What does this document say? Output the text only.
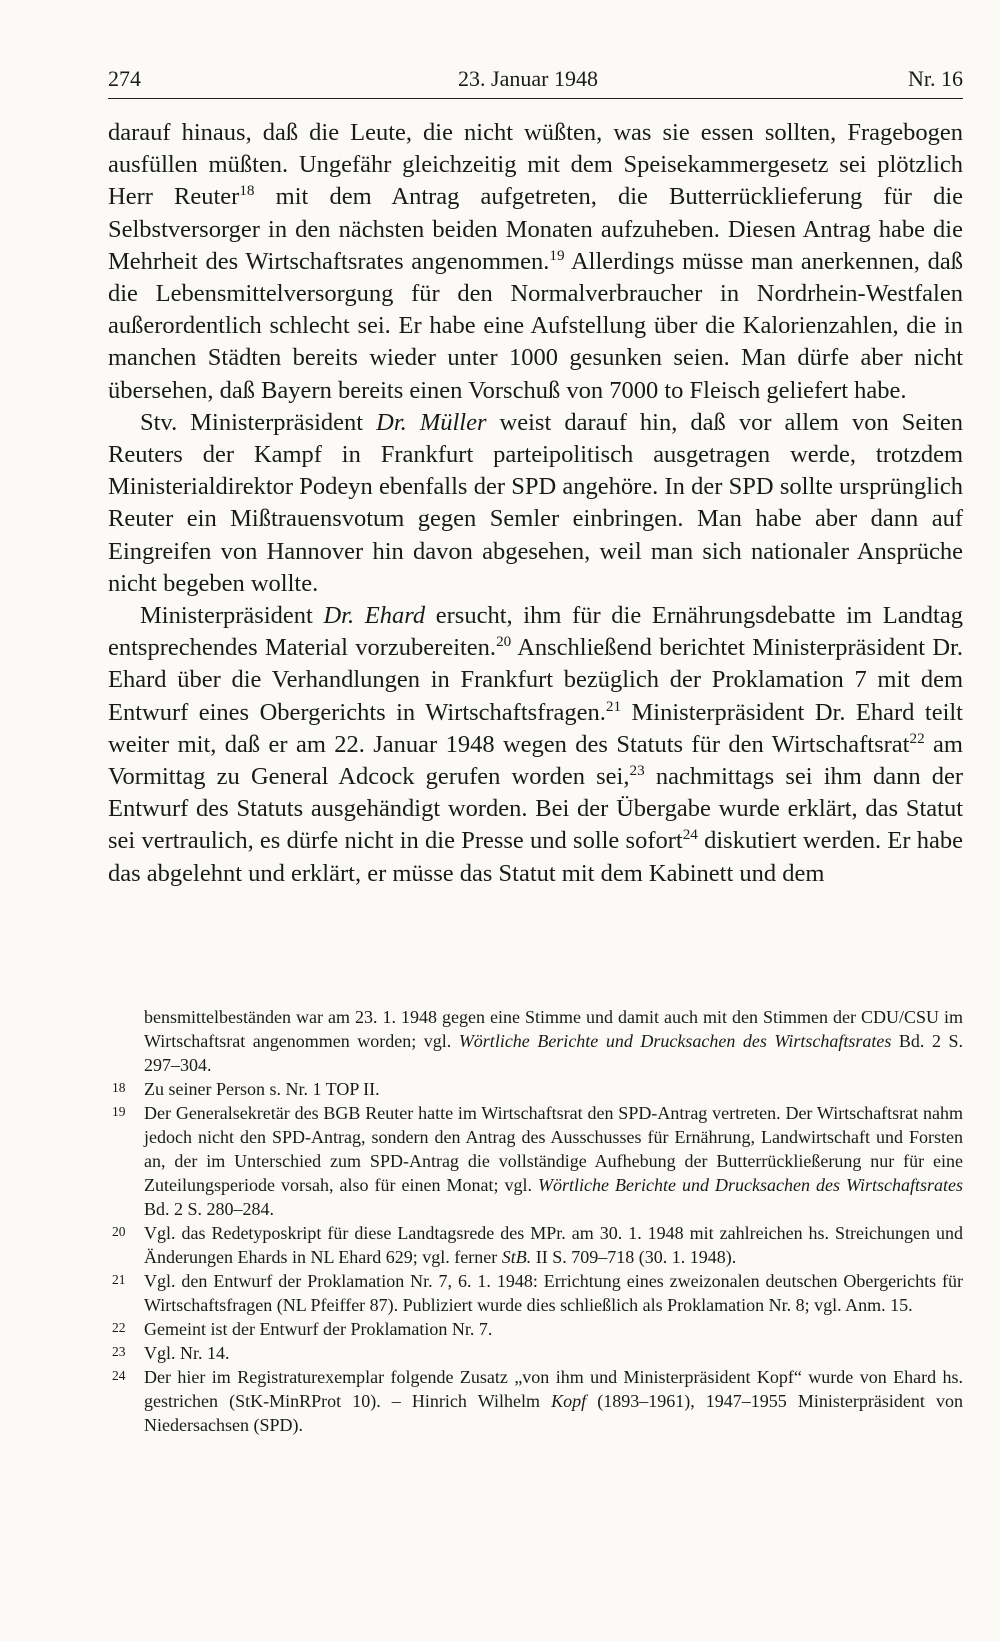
274	23. Januar 1948	Nr. 16

darauf hinaus, daß die Leute, die nicht wüßten, was sie essen sollten, Fragebogen ausfüllen müßten. Ungefähr gleichzeitig mit dem Speisekammergesetz sei plötzlich Herr Reuter$^{18}$ mit dem Antrag aufgetreten, die Butterrücklieferung für die Selbstversorger in den nächsten beiden Monaten aufzuheben. Diesen Antrag habe die Mehrheit des Wirtschaftsrates angenommen.$^{19}$ Allerdings müsse man anerkennen, daß die Lebensmittelversorgung für den Normalverbraucher in Nordrhein-Westfalen außerordentlich schlecht sei. Er habe eine Aufstellung über die Kalorienzahlen, die in manchen Städten bereits wieder unter 1000 gesunken seien. Man dürfe aber nicht übersehen, daß Bayern bereits einen Vorschuß von 7000 to Fleisch geliefert habe.

Stv. Ministerpräsident Dr. Müller weist darauf hin, daß vor allem von Seiten Reuters der Kampf in Frankfurt parteipolitisch ausgetragen werde, trotzdem Ministerialdirektor Podeyn ebenfalls der SPD angehöre. In der SPD sollte ursprünglich Reuter ein Mißtrauensvotum gegen Semler einbringen. Man habe aber dann auf Eingreifen von Hannover hin davon abgesehen, weil man sich nationaler Ansprüche nicht begeben wollte.

Ministerpräsident Dr. Ehard ersucht, ihm für die Ernährungsdebatte im Landtag entsprechendes Material vorzubereiten.$^{20}$ Anschließend berichtet Ministerpräsident Dr. Ehard über die Verhandlungen in Frankfurt bezüglich der Proklamation 7 mit dem Entwurf eines Obergerichts in Wirtschaftsfragen.$^{21}$ Ministerpräsident Dr. Ehard teilt weiter mit, daß er am 22. Januar 1948 wegen des Statuts für den Wirtschaftsrat$^{22}$ am Vormittag zu General Adcock gerufen worden sei,$^{23}$ nachmittags sei ihm dann der Entwurf des Statuts ausgehändigt worden. Bei der Übergabe wurde erklärt, das Statut sei vertraulich, es dürfe nicht in die Presse und solle sofort$^{24}$ diskutiert werden. Er habe das abgelehnt und erklärt, er müsse das Statut mit dem Kabinett und dem

bensmittelbeständen war am 23. 1. 1948 gegen eine Stimme und damit auch mit den Stimmen der CDU/CSU im Wirtschaftsrat angenommen worden; vgl. Wörtliche Berichte und Drucksachen des Wirtschaftsrates Bd. 2 S. 297–304.
18 Zu seiner Person s. Nr. 1 TOP II.
19 Der Generalsekretär des BGB Reuter hatte im Wirtschaftsrat den SPD-Antrag vertreten. Der Wirtschaftsrat nahm jedoch nicht den SPD-Antrag, sondern den Antrag des Ausschusses für Ernährung, Landwirtschaft und Forsten an, der im Unterschied zum SPD-Antrag die vollständige Aufhebung der Butterrückließerung nur für eine Zuteilungsperiode vorsah, also für einen Monat; vgl. Wörtliche Berichte und Drucksachen des Wirtschaftsrates Bd. 2 S. 280–284.
20 Vgl. das Redetyposkript für diese Landtagsrede des MPr. am 30. 1. 1948 mit zahlreichen hs. Streichungen und Änderungen Ehards in NL Ehard 629; vgl. ferner StB. II S. 709–718 (30. 1. 1948).
21 Vgl. den Entwurf der Proklamation Nr. 7, 6. 1. 1948: Errichtung eines zweizonalen deutschen Obergerichts für Wirtschaftsfragen (NL Pfeiffer 87). Publiziert wurde dies schließlich als Proklamation Nr. 8; vgl. Anm. 15.
22 Gemeint ist der Entwurf der Proklamation Nr. 7.
23 Vgl. Nr. 14.
24 Der hier im Registraturexemplar folgende Zusatz „von ihm und Ministerpräsident Kopf“ wurde von Ehard hs. gestrichen (StK-MinRProt 10). – Hinrich Wilhelm Kopf (1893–1961), 1947–1955 Ministerpräsident von Niedersachsen (SPD).
